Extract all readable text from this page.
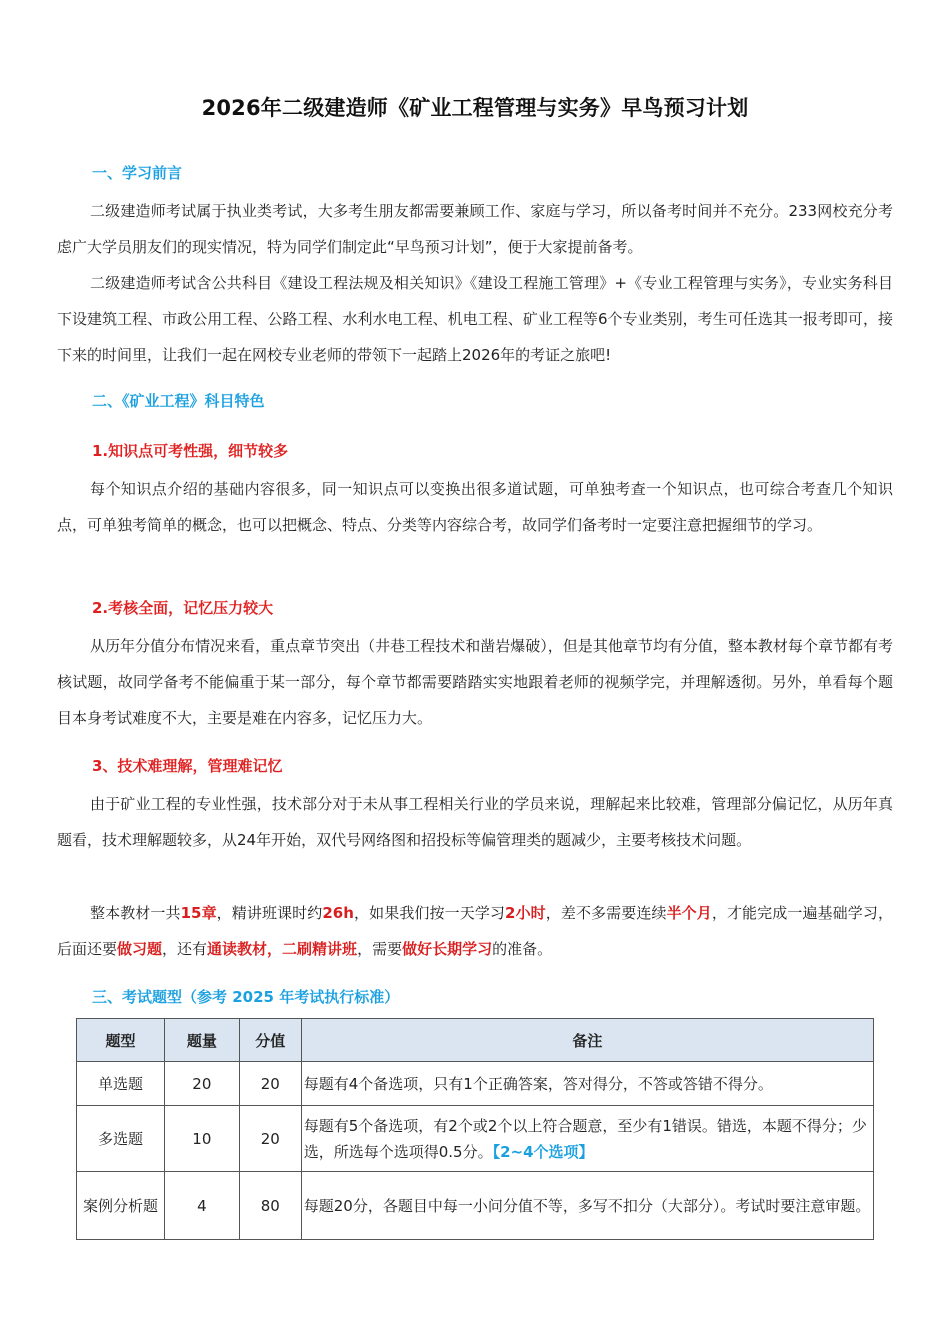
2026年二级建造师《矿业工程管理与实务》早鸟预习计划
一、学习前言

二级建造师考试属于执业类考试，大多考生朋友都需要兼顾工作、家庭与学习，所以备考时间并不充分。233网校充分考虑广大学员朋友们的现实情况，特为同学们制定此“早鸟预习计划”，便于大家提前备考。

二级建造师考试含公共科目《建设工程法规及相关知识》《建设工程施工管理》+《专业工程管理与实务》，专业实务科目下设建筑工程、市政公用工程、公路工程、水利水电工程、机电工程、矿业工程等6个专业类别，考生可任选其一报考即可，接下来的时间里，让我们一起在网校专业老师的带领下一起踏上2026年的考证之旅吧!

二、《矿业工程》科目特色
1.知识点可考性强，细节较多

每个知识点介绍的基础内容很多，同一知识点可以变换出很多道试题，可单独考查一个知识点，也可综合考查几个知识点，可单独考简单的概念，也可以把概念、特点、分类等内容综合考，故同学们备考时一定要注意把握细节的学习。

2.考核全面，记忆压力较大

从历年分值分布情况来看，重点章节突出（井巷工程技术和凿岩爆破），但是其他章节均有分值，整本教材每个章节都有考核试题，故同学备考不能偏重于某一部分，每个章节都需要踏踏实实地跟着老师的视频学完，并理解透彻。另外，单看每个题目本身考试难度不大，主要是难在内容多，记忆压力大。

3、技术难理解，管理难记忆

由于矿业工程的专业性强，技术部分对于未从事工程相关行业的学员来说，理解起来比较难，管理部分偏记忆，从历年真题看，技术理解题较多，从24年开始，双代号网络图和招投标等偏管理类的题减少，主要考核技术问题。

整本教材一共15章，精讲班课时约26h，如果我们按一天学习2小时，差不多需要连续半个月，才能完成一遍基础学习，后面还要做习题，还有通读教材，二刷精讲班，需要做好长期学习的准备。

三、考试题型（参考 2025 年考试执行标准）
题型	题量	分值	备注
单选题	20	20	每题有4个备选项，只有1个正确答案，答对得分，不答或答错不得分。
多选题	10	20	每题有5个备选项，有2个或2个以上符合题意，至少有1错误。错选，本题不得分；少选，所选每个选项得0.5分。【2~4个选项】
案例分析题	4	80	每题20分，各题目中每一小问分值不等，多写不扣分（大部分）。考试时要注意审题。
